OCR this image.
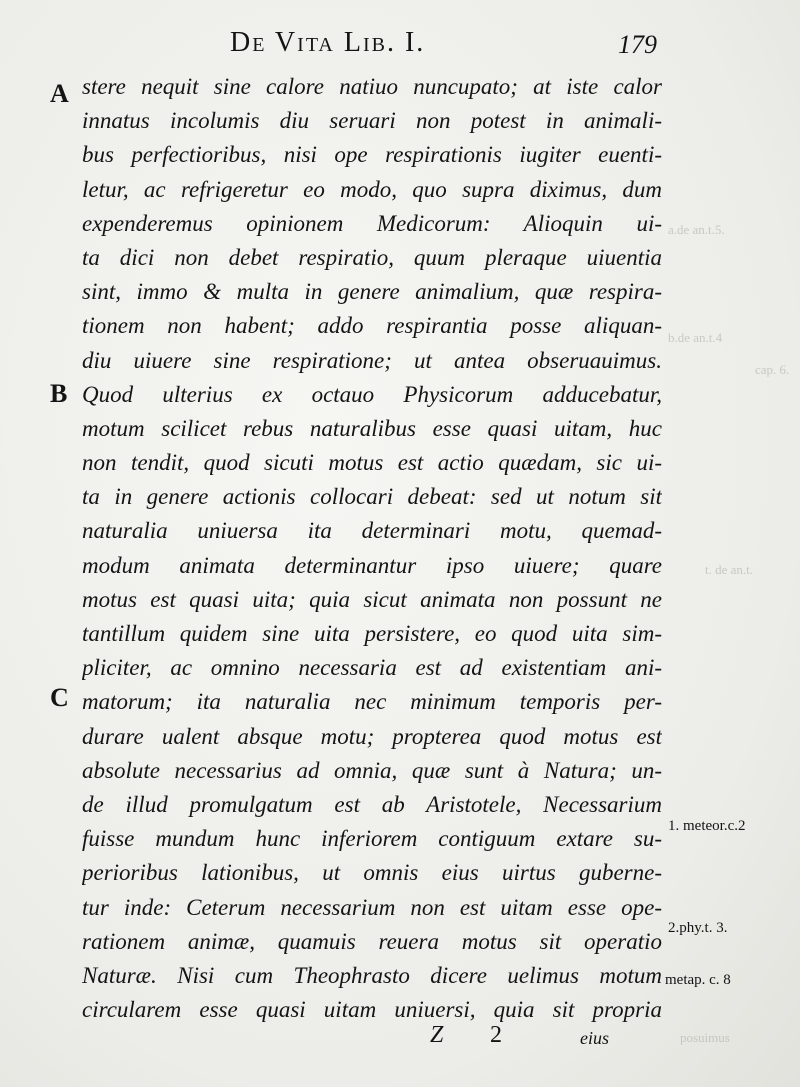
De Vita Lib. I.	179
a.de an.t.5.
b.de an.t.4
cap. 6.
t. de an.t.
posuimus
A
B
C
stere nequit sine calore natiuo nuncupato; at iste calor
innatus incolumis diu seruari non potest in animali-
bus perfectioribus, nisi ope respirationis iugiter euenti-
letur, ac refrigeretur eo modo, quo supra diximus, dum
expenderemus opinionem Medicorum: Alioquin ui-
ta dici non debet respiratio, quum pleraque uiuentia
sint, immo & multa in genere animalium, quæ respira-
tionem non habent; addo respirantia posse aliquan-
diu uiuere sine respiratione; ut antea obseruauimus.
Quod ulterius ex octauo Physicorum adducebatur,
motum scilicet rebus naturalibus esse quasi uitam, huc
non tendit, quod sicuti motus est actio quædam, sic ui-
ta in genere actionis collocari debeat: sed ut notum sit
naturalia uniuersa ita determinari motu, quemad-
modum animata determinantur ipso uiuere; quare
motus est quasi uita; quia sicut animata non possunt ne
tantillum quidem sine uita persistere, eo quod uita sim-
pliciter, ac omnino necessaria est ad existentiam ani-
matorum; ita naturalia nec minimum temporis per-
durare ualent absque motu; propterea quod motus est
absolute necessarius ad omnia, quæ sunt à Natura; un-
de illud promulgatum est ab Aristotele, Necessarium
fuisse mundum hunc inferiorem contiguum extare su-
perioribus lationibus, ut omnis eius uirtus guberne-
tur inde: Ceterum necessarium non est uitam esse ope-
rationem animæ, quamuis reuera motus sit operatio
Naturæ. Nisi cum Theophrasto dicere uelimus motum
circularem esse quasi uitam uniuersi, quia sit propria
1. meteor.c.2
2.phy.t. 3.
metap. c. 8
Z 2	eius
